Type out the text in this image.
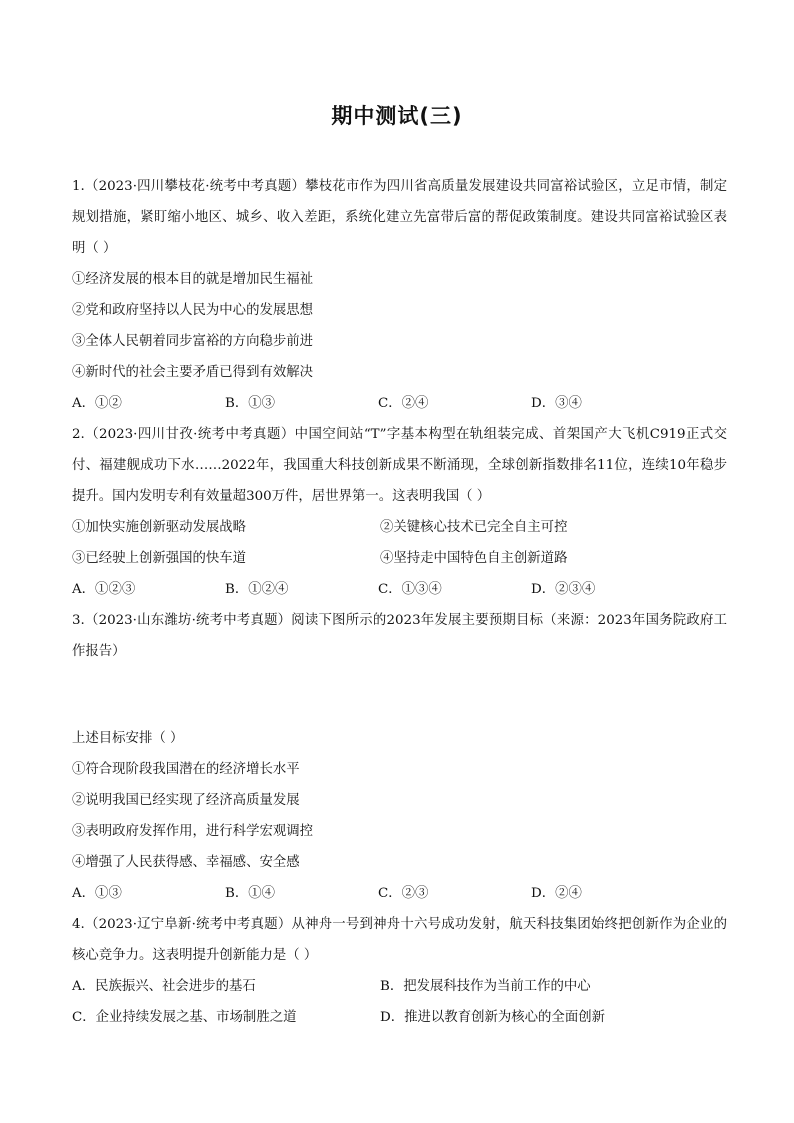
期中测试(三)

1.（2023·四川攀枝花·统考中考真题）攀枝花市作为四川省高质量发展建设共同富裕试验区，立足市情，制定规划措施，紧盯缩小地区、城乡、收入差距，系统化建立先富带后富的帮促政策制度。建设共同富裕试验区表明（ ）

①经济发展的根本目的就是增加民生福祉

②党和政府坚持以人民为中心的发展思想

③全体人民朝着同步富裕的方向稳步前进

④新时代的社会主要矛盾已得到有效解决

A．①②	B．①③	C．②④	D．③④

2.（2023·四川甘孜·统考中考真题）中国空间站“T”字基本构型在轨组装完成、首架国产大飞机C919正式交付、福建舰成功下水……2022年，我国重大科技创新成果不断涌现，全球创新指数排名11位，连续10年稳步提升。国内发明专利有效量超300万件，居世界第一。这表明我国（ ）

①加快实施创新驱动发展战略	②关键核心技术已完全自主可控
③已经驶上创新强国的快车道	④坚持走中国特色自主创新道路
A．①②③	B．①②④	C．①③④	D．②③④

3.（2023·山东潍坊·统考中考真题）阅读下图所示的2023年发展主要预期目标（来源：2023年国务院政府工作报告）

上述目标安排（ ）

①符合现阶段我国潜在的经济增长水平

②说明我国已经实现了经济高质量发展

③表明政府发挥作用，进行科学宏观调控

④增强了人民获得感、幸福感、安全感

A．①③	B．①④	C．②③	D．②④

4.（2023·辽宁阜新·统考中考真题）从神舟一号到神舟十六号成功发射，航天科技集团始终把创新作为企业的核心竞争力。这表明提升创新能力是（ ）

A．民族振兴、社会进步的基石	B．把发展科技作为当前工作的中心
C．企业持续发展之基、市场制胜之道	D．推进以教育创新为核心的全面创新
